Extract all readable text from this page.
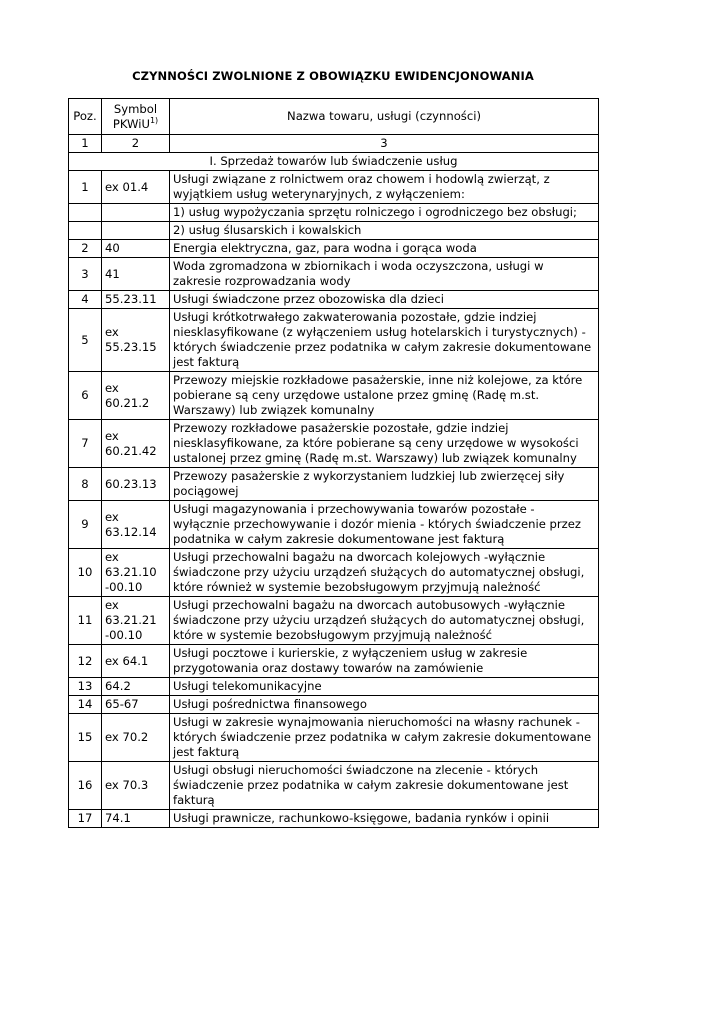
CZYNNOŚCI ZWOLNIONE Z OBOWIĄZKU EWIDENCJONOWANIA
Poz.	Symbol PKWiU$^{1)}$	Nazwa towaru, usługi (czynności)
1	2	3
I. Sprzedaż towarów lub świadczenie usług		
1	ex 01.4	Usługi związane z rolnictwem oraz chowem i hodowlą zwierząt, z wyjątkiem usług weterynaryjnych, z wyłączeniem:
		1) usług wypożyczania sprzętu rolniczego i ogrodniczego bez obsługi;
		2) usług ślusarskich i kowalskich
2	40	Energia elektryczna, gaz, para wodna i gorąca woda
3	41	Woda zgromadzona w zbiornikach i woda oczyszczona, usługi w zakresie rozprowadzania wody
4	55.23.11	Usługi świadczone przez obozowiska dla dzieci
5	ex 55.23.15	Usługi krótkotrwałego zakwaterowania pozostałe, gdzie indziej niesklasyfikowane (z wyłączeniem usług hotelarskich i turystycznych) - których świadczenie przez podatnika w całym zakresie dokumentowane jest fakturą
6	ex 60.21.2	Przewozy miejskie rozkładowe pasażerskie, inne niż kolejowe, za które pobierane są ceny urzędowe ustalone przez gminę (Radę m.st. Warszawy) lub związek komunalny
7	ex 60.21.42	Przewozy rozkładowe pasażerskie pozostałe, gdzie indziej niesklasyfikowane, za które pobierane są ceny urzędowe w wysokości ustalonej przez gminę (Radę m.st. Warszawy) lub związek komunalny
8	60.23.13	Przewozy pasażerskie z wykorzystaniem ludzkiej lub zwierzęcej siły pociągowej
9	ex 63.12.14	Usługi magazynowania i przechowywania towarów pozostałe - wyłącznie przechowywanie i dozór mienia - których świadczenie przez podatnika w całym zakresie dokumentowane jest fakturą
10	ex 63.21.10 -00.10	Usługi przechowalni bagażu na dworcach kolejowych -wyłącznie świadczone przy użyciu urządzeń służących do automatycznej obsługi, które również w systemie bezobsługowym przyjmują należność
11	ex 63.21.21 -00.10	Usługi przechowalni bagażu na dworcach autobusowych -wyłącznie świadczone przy użyciu urządzeń służących do automatycznej obsługi, które w systemie bezobsługowym przyjmują należność
12	ex 64.1	Usługi pocztowe i kurierskie, z wyłączeniem usług w zakresie przygotowania oraz dostawy towarów na zamówienie
13	64.2	Usługi telekomunikacyjne
14	65-67	Usługi pośrednictwa finansowego
15	ex 70.2	Usługi w zakresie wynajmowania nieruchomości na własny rachunek - których świadczenie przez podatnika w całym zakresie dokumentowane jest fakturą
16	ex 70.3	Usługi obsługi nieruchomości świadczone na zlecenie - których świadczenie przez podatnika w całym zakresie dokumentowane jest fakturą
17	74.1	Usługi prawnicze, rachunkowo-księgowe, badania rynków i opinii
